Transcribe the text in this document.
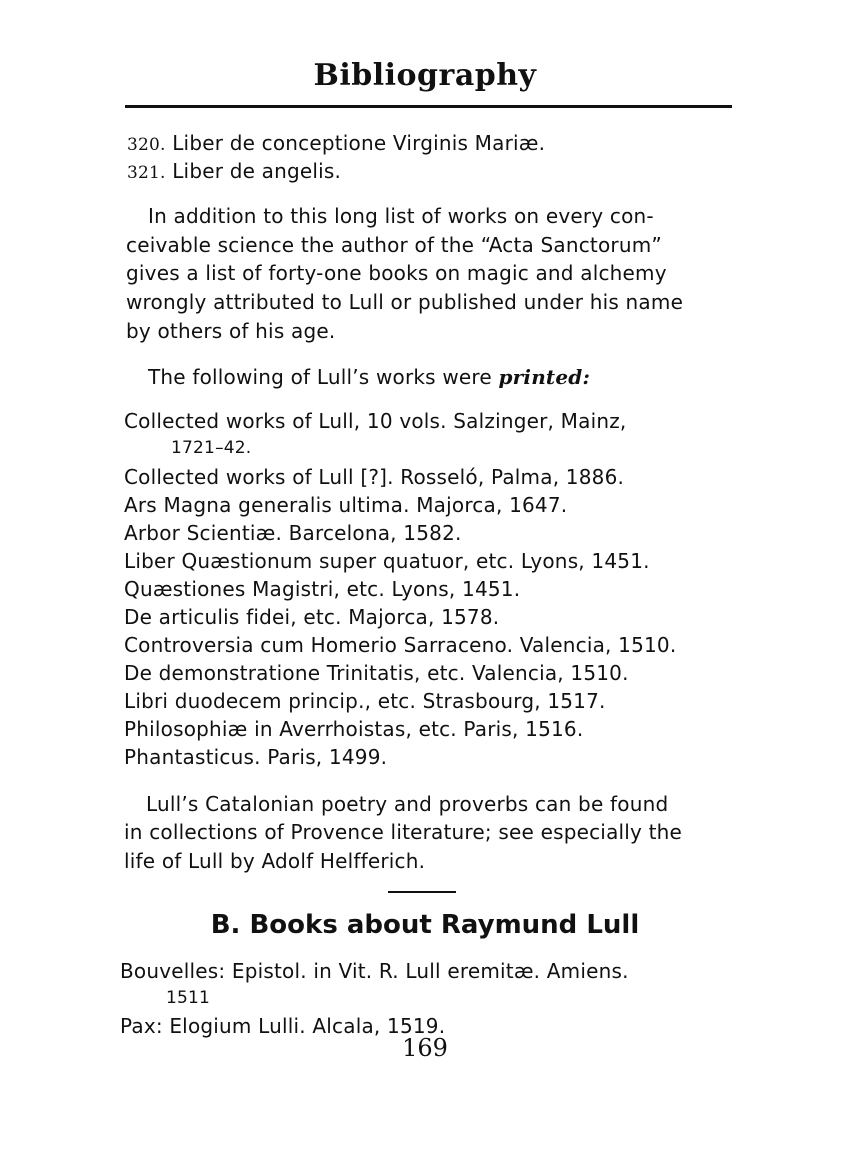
Bibliography
320. Liber de conceptione Virginis Mariæ.
321. Liber de angelis.
In addition to this long list of works on every con-
ceivable science the author of the “Acta Sanctorum”
gives a list of forty-one books on magic and alchemy
wrongly attributed to Lull or published under his name
by others of his age.
The following of Lull’s works were printed:
Collected works of Lull, 10 vols. Salzinger, Mainz,
1721–42.
Collected works of Lull [?]. Rosseló, Palma, 1886.
Ars Magna generalis ultima. Majorca, 1647.
Arbor Scientiæ. Barcelona, 1582.
Liber Quæstionum super quatuor, etc. Lyons, 1451.
Quæstiones Magistri, etc. Lyons, 1451.
De articulis fidei, etc. Majorca, 1578.
Controversia cum Homerio Sarraceno. Valencia, 1510.
De demonstratione Trinitatis, etc. Valencia, 1510.
Libri duodecem princip., etc. Strasbourg, 1517.
Philosophiæ in Averrhoistas, etc. Paris, 1516.
Phantasticus. Paris, 1499.
Lull’s Catalonian poetry and proverbs can be found
in collections of Provence literature; see especially the
life of Lull by Adolf Helfferich.
B. Books about Raymund Lull
Bouvelles: Epistol. in Vit. R. Lull eremitæ. Amiens.
1511
Pax: Elogium Lulli. Alcala, 1519.
169
